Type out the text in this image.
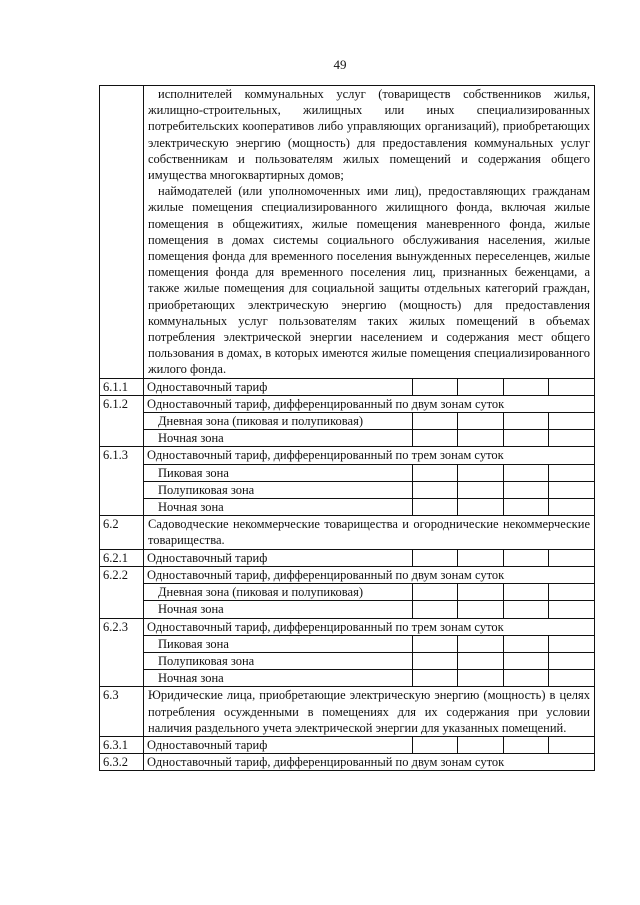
49

исполнителей коммунальных услуг (товариществ собственников жилья, жилищно-строительных, жилищных или иных специализированных потребительских кооперативов либо управляющих организаций), приобретающих электрическую энергию (мощность) для предоставления коммунальных услуг собственникам и пользователям жилых помещений и содержания общего имущества многоквартирных домов;

наймодателей (или уполномоченных ими лиц), предоставляющих гражданам жилые помещения специализированного жилищного фонда, включая жилые помещения в общежитиях, жилые помещения маневренного фонда, жилые помещения в домах системы социального обслуживания населения, жилые помещения фонда для временного поселения вынужденных переселенцев, жилые помещения фонда для временного поселения лиц, признанных беженцами, а также жилые помещения для социальной защиты отдельных категорий граждан, приобретающих электрическую энергию (мощность) для предоставления коммунальных услуг пользователям таких жилых помещений в объемах потребления электрической энергии населением и содержания мест общего пользования в домах, в которых имеются жилые помещения специализированного жилого фонда.

6.1.1	Одноставочный тариф				

6.1.2	Одноставочный тариф, дифференцированный по двум зонам суток
Дневная зона (пиковая и полупиковая)				
Ночная зона				

6.1.3	Одноставочный тариф, дифференцированный по трем зонам суток
Пиковая зона				
Полупиковая зона				
Ночная зона				

6.2	Садоводческие некоммерческие товарищества и огороднические некоммерческие товарищества.
6.2.1	Одноставочный тариф				

6.2.2	Одноставочный тариф, дифференцированный по двум зонам суток
Дневная зона (пиковая и полупиковая)				
Ночная зона				

6.2.3	Одноставочный тариф, дифференцированный по трем зонам суток
Пиковая зона				
Полупиковая зона				
Ночная зона				

6.3	Юридические лица, приобретающие электрическую энергию (мощность) в целях потребления осужденными в помещениях для их содержания при условии наличия раздельного учета электрической энергии для указанных помещений.
6.3.1	Одноставочный тариф				

6.3.2	Одноставочный тариф, дифференцированный по двум зонам суток
